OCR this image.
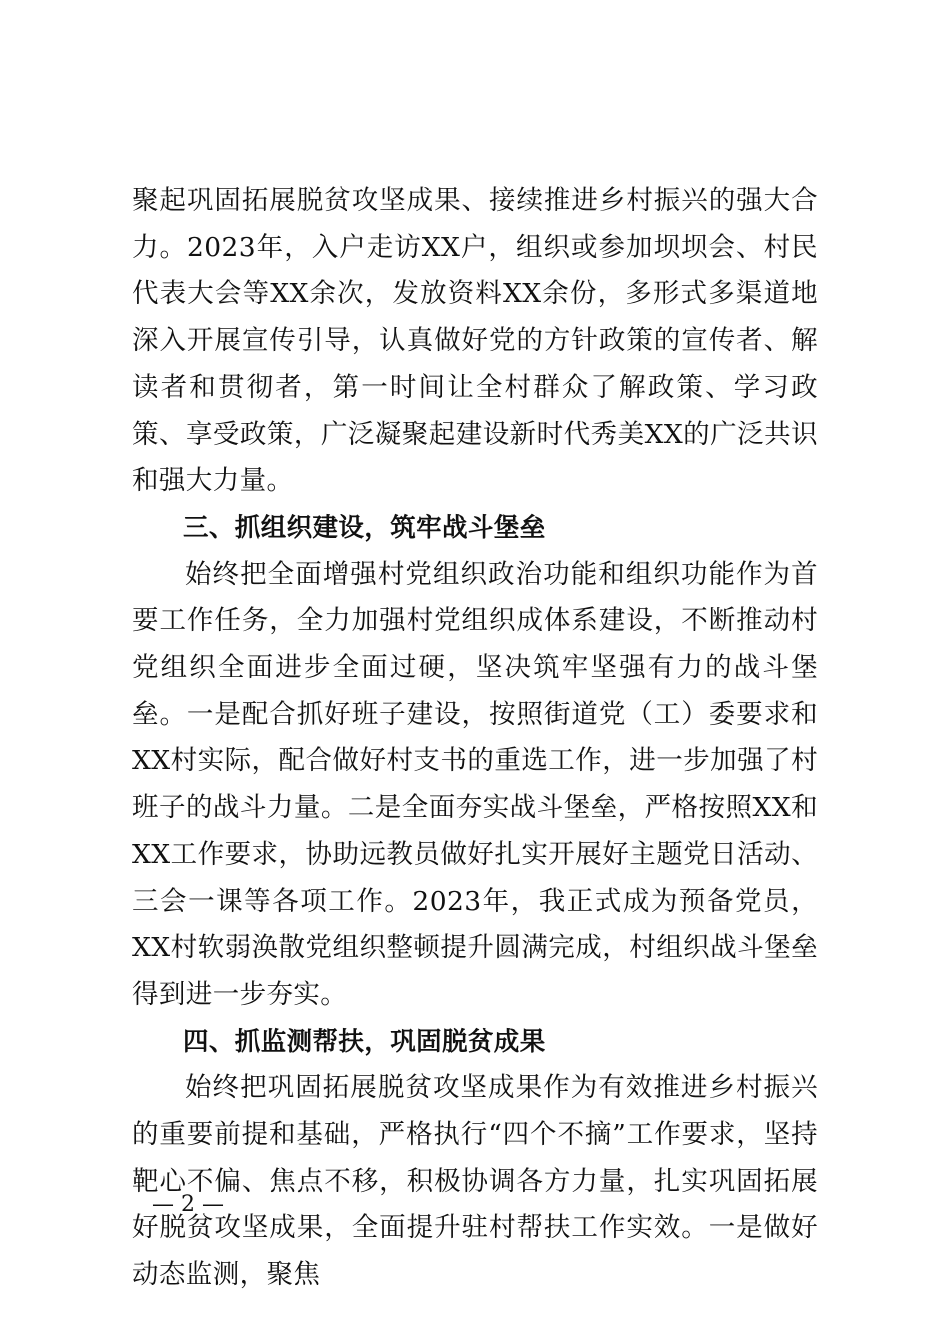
聚起巩固拓展脱贫攻坚成果、接续推进乡村振兴的强大合力。2023年，入户走访XX户，组织或参加坝坝会、村民代表大会等XX余次，发放资料XX余份，多形式多渠道地深入开展宣传引导，认真做好党的方针政策的宣传者、解读者和贯彻者，第一时间让全村群众了解政策、学习政策、享受政策，广泛凝聚起建设新时代秀美XX的广泛共识和强大力量。

三、抓组织建设，筑牢战斗堡垒

始终把全面增强村党组织政治功能和组织功能作为首要工作任务，全力加强村党组织成体系建设，不断推动村党组织全面进步全面过硬，坚决筑牢坚强有力的战斗堡垒。一是配合抓好班子建设，按照街道党（工）委要求和XX村实际，配合做好村支书的重选工作，进一步加强了村班子的战斗力量。二是全面夯实战斗堡垒，严格按照XX和XX工作要求，协助远教员做好扎实开展好主题党日活动、三会一课等各项工作。2023年，我正式成为预备党员，XX村软弱涣散党组织整顿提升圆满完成，村组织战斗堡垒得到进一步夯实。

四、抓监测帮扶，巩固脱贫成果

始终把巩固拓展脱贫攻坚成果作为有效推进乡村振兴的重要前提和基础，严格执行“四个不摘”工作要求，坚持靶心不偏、焦点不移，积极协调各方力量，扎实巩固拓展好脱贫攻坚成果，全面提升驻村帮扶工作实效。一是做好动态监测，聚焦

— 2 —
